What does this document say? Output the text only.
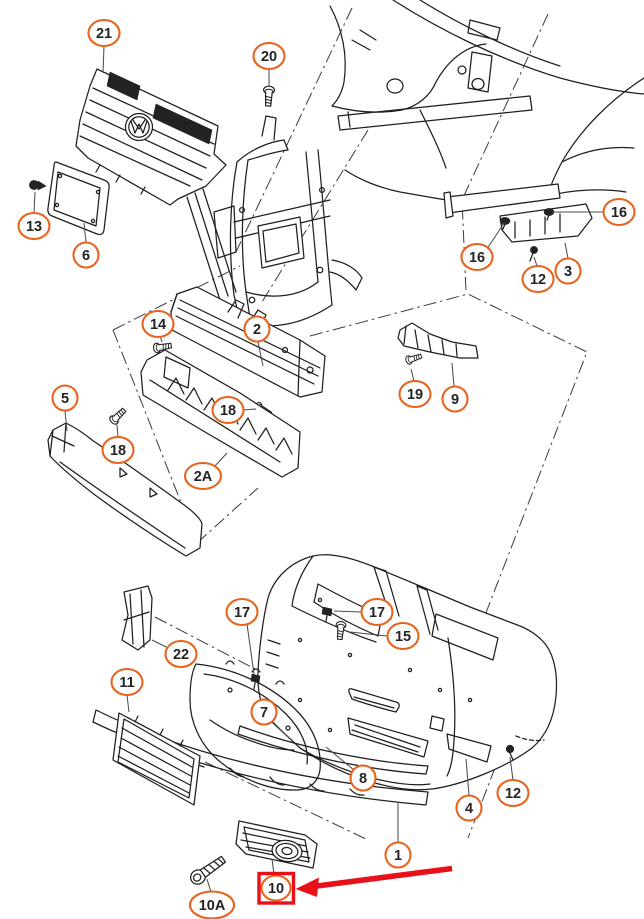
21
20
13
6
16
16
12 3
14	2
18
18
2A
5	19 9
22
11
17	17
15
7
8
4
12
1
10A
10
